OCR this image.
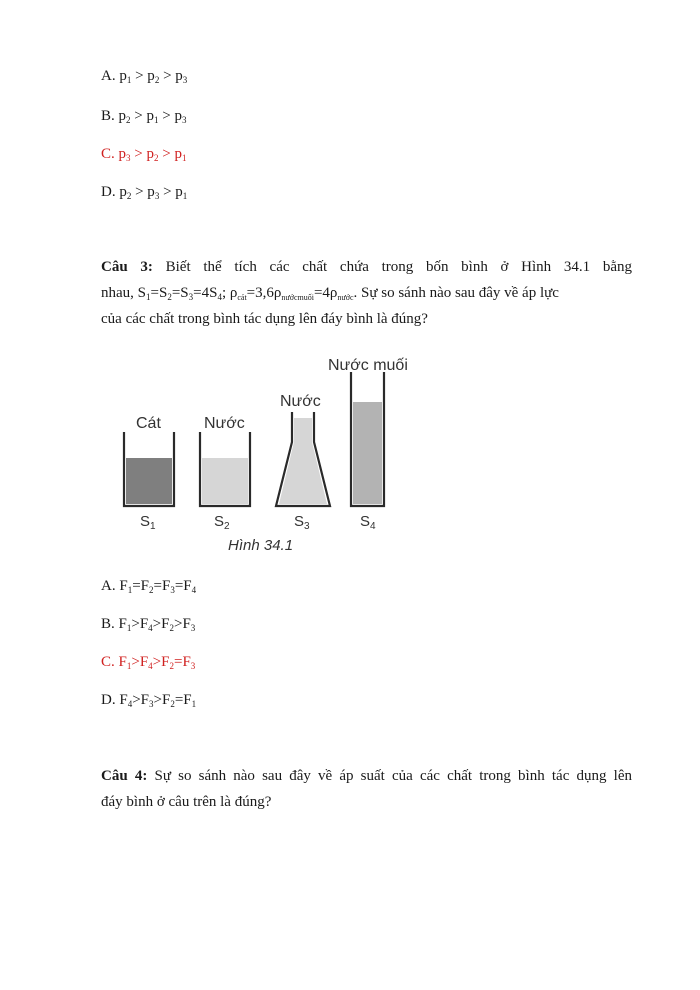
A. $p_1 > p_2 > p_3$
B. $p_2 > p_1 > p_3$
C. $p_3 > p_2 > p_1$
D. $p_2 > p_3 > p_1$
Câu 3: Biết thể tích các chất chứa trong bốn bình ở Hình 34.1 bằng
nhau, $S_1=S_2=S_3=4S_4$; $\rho_{cát}=3,6\rho_{nướcmuối}=4\rho_{nước}$. Sự so sánh nào sau đây về áp lực
của các chất trong bình tác dụng lên đáy bình là đúng?
Cát	Nước
Nước
Nước muối
$S_1$	$S_2$	$S_3$	$S_4$
Hình 34.1
A. $F_1=F_2=F_3=F_4$
B. $F_1>F_4>F_2>F_3$
C. $F_1>F_4>F_2=F_3$
D. $F_4>F_3>F_2=F_1$
Câu 4: Sự so sánh nào sau đây về áp suất của các chất trong bình tác dụng lên
đáy bình ở câu trên là đúng?
